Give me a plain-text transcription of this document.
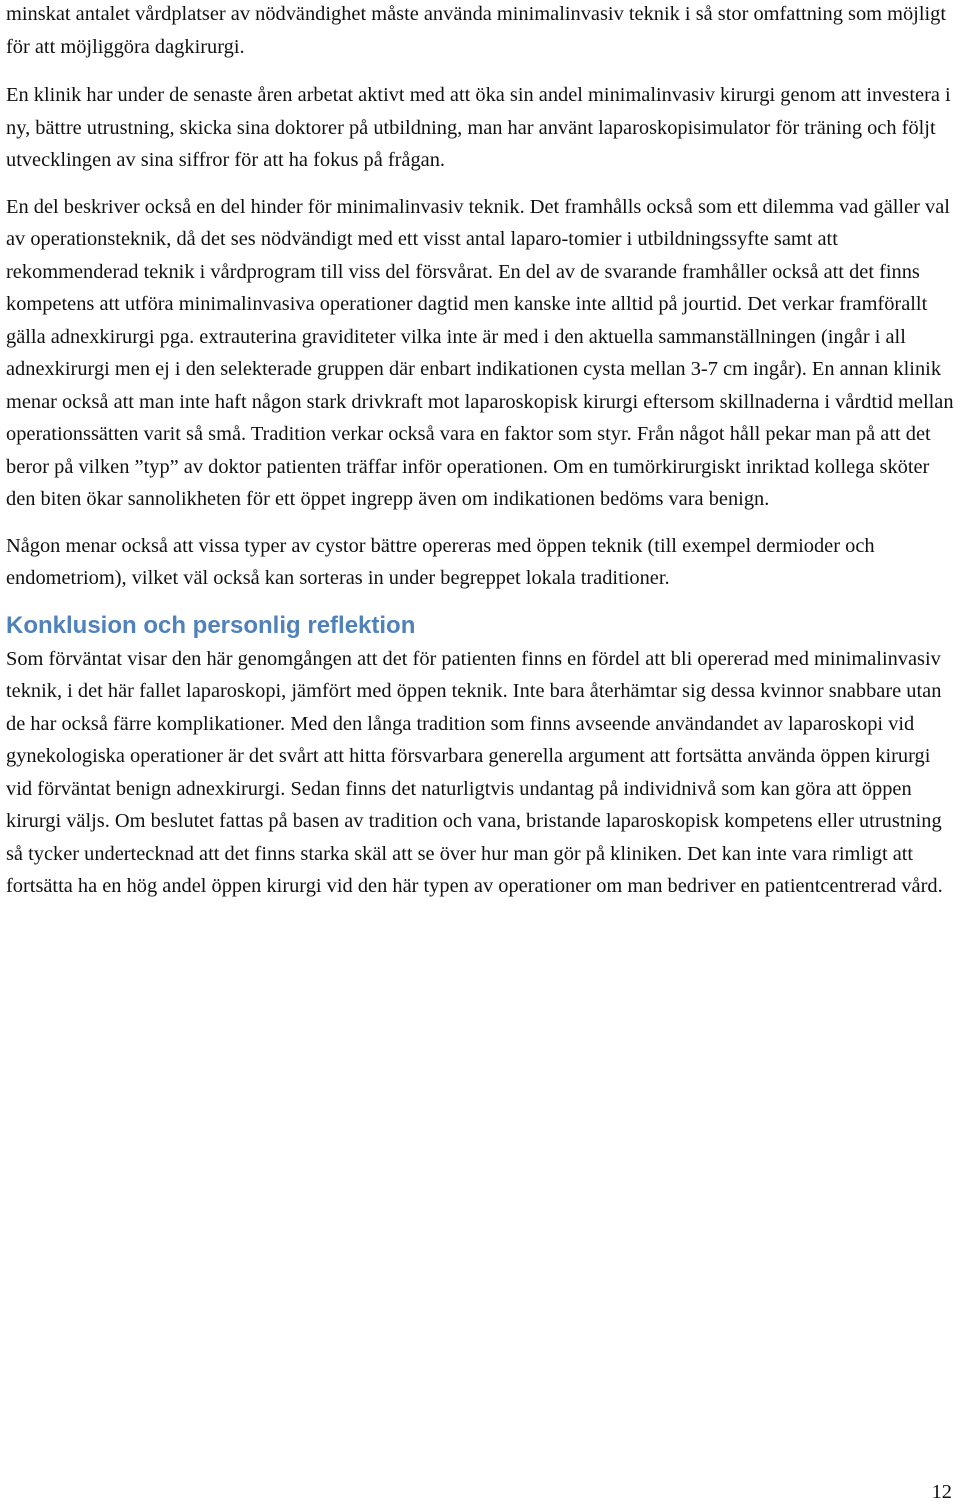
minskat antalet vårdplatser av nödvändighet måste använda minimalinvasiv teknik i så stor omfattning som möjligt för att möjliggöra dagkirurgi.

En klinik har under de senaste åren arbetat aktivt med att öka sin andel minimalinvasiv kirurgi genom att investera i ny, bättre utrustning, skicka sina doktorer på utbildning, man har använt laparoskopisimulator för träning och följt utvecklingen av sina siffror för att ha fokus på frågan.

En del beskriver också en del hinder för minimalinvasiv teknik. Det framhålls också som ett dilemma vad gäller val av operationsteknik, då det ses nödvändigt med ett visst antal laparo-tomier i utbildningssyfte samt att rekommenderad teknik i vårdprogram till viss del försvårat. En del av de svarande framhåller också att det finns kompetens att utföra minimalinvasiva operationer dagtid men kanske inte alltid på jourtid. Det verkar framförallt gälla adnexkirurgi pga. extrauterina graviditeter vilka inte är med i den aktuella sammanställningen (ingår i all adnexkirurgi men ej i den selekterade gruppen där enbart indikationen cysta mellan 3-7 cm ingår). En annan klinik menar också att man inte haft någon stark drivkraft mot laparoskopisk kirurgi eftersom skillnaderna i vårdtid mellan operationssätten varit så små. Tradition verkar också vara en faktor som styr. Från något håll pekar man på att det beror på vilken ”typ” av doktor patienten träffar inför operationen. Om en tumörkirurgiskt inriktad kollega sköter den biten ökar sannolikheten för ett öppet ingrepp även om indikationen bedöms vara benign.

Någon menar också att vissa typer av cystor bättre opereras med öppen teknik (till exempel dermioder och endometriom), vilket väl också kan sorteras in under begreppet lokala traditioner.

Konklusion och personlig reflektion

Som förväntat visar den här genomgången att det för patienten finns en fördel att bli opererad med minimalinvasiv teknik, i det här fallet laparoskopi, jämfört med öppen teknik. Inte bara återhämtar sig dessa kvinnor snabbare utan de har också färre komplikationer. Med den långa tradition som finns avseende användandet av laparoskopi vid gynekologiska operationer är det svårt att hitta försvarbara generella argument att fortsätta använda öppen kirurgi vid förväntat benign adnexkirurgi. Sedan finns det naturligtvis undantag på individnivå som kan göra att öppen kirurgi väljs. Om beslutet fattas på basen av tradition och vana, bristande laparoskopisk kompetens eller utrustning så tycker undertecknad att det finns starka skäl att se över hur man gör på kliniken. Det kan inte vara rimligt att fortsätta ha en hög andel öppen kirurgi vid den här typen av operationer om man bedriver en patientcentrerad vård.

12
